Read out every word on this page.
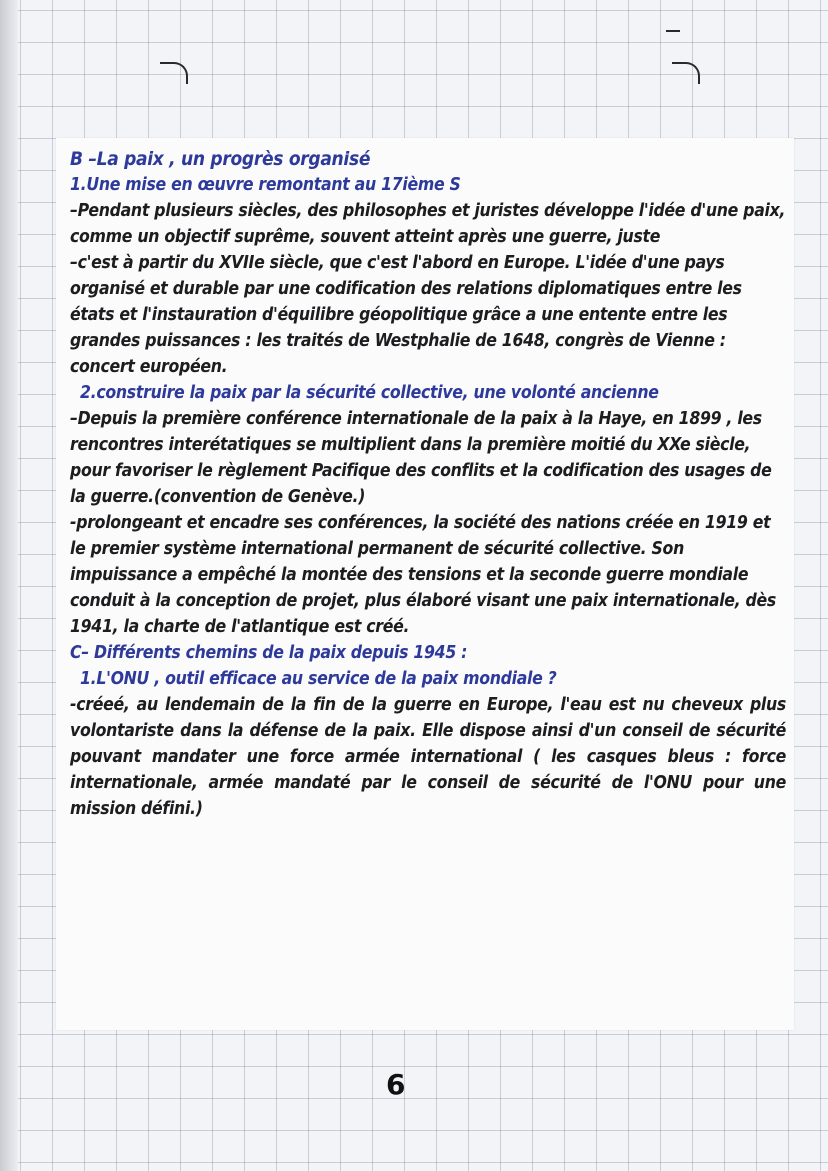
B –La paix , un progrès organisé

1.Une mise en œuvre remontant au 17ième S

–Pendant plusieurs siècles, des philosophes et juristes développe l'idée d'une paix, comme un objectif suprême, souvent atteint après une guerre, juste

–c'est à partir du XVIIe siècle, que c'est l'abord en Europe. L'idée d'une pays organisé et durable par une codification des relations diplomatiques entre les états et l'instauration d'équilibre géopolitique grâce a une entente entre les grandes puissances : les traités de Westphalie de 1648, congrès de Vienne : concert européen.

2.construire la paix par la sécurité collective, une volonté ancienne

–Depuis la première conférence internationale de la paix à la Haye, en 1899 , les rencontres interétatiques se multiplient dans la première moitié du XXe siècle, pour favoriser le règlement Pacifique des conflits et la codification des usages de la guerre.(convention de Genève.)

-prolongeant et encadre ses conférences, la société des nations créée en 1919 et le premier système international permanent de sécurité collective. Son impuissance a empêché la montée des tensions et la seconde guerre mondiale conduit à la conception de projet, plus élaboré visant une paix internationale, dès 1941, la charte de l'atlantique est créé.

C– Différents chemins de la paix depuis 1945 :

1.L'ONU , outil efficace au service de la paix mondiale ?

-créeé, au lendemain de la fin de la guerre en Europe, l'eau est nu cheveux plus volontariste dans la défense de la paix. Elle dispose ainsi d'un conseil de sécurité pouvant mandater une force armée international ( les casques bleus : force internationale, armée mandaté par le conseil de sécurité de l'ONU pour une mission défini.)

6
